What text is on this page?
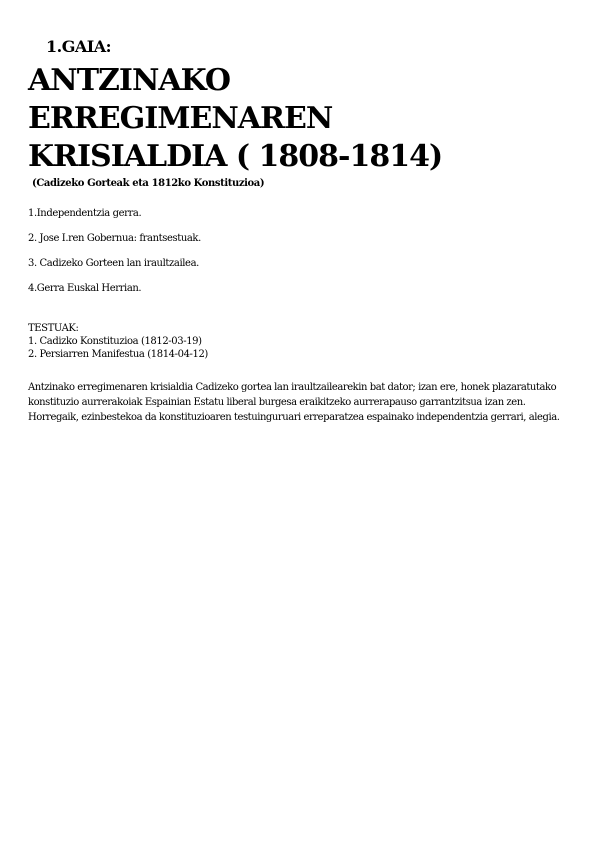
1.GAIA:
ANTZINAKO
ERREGIMENAREN
KRISIALDIA ( 1808-1814)
(Cadizeko Gorteak eta 1812ko Konstituzioa)
1.Independentzia gerra.
2. Jose I.ren Gobernua: frantsestuak.
3. Cadizeko Gorteen lan iraultzailea.
4.Gerra Euskal Herrian.
TESTUAK:
1. Cadizko Konstituzioa (1812-03-19)
2. Persiarren Manifestua (1814-04-12)

Antzinako erregimenaren krisialdia Cadizeko gortea lan iraultzailearekin bat dator; izan ere, honek plazaratutako konstituzio aurrerakoiak Espainian Estatu liberal burgesa eraikitzeko aurrerapauso garrantzitsua izan zen. Horregaik, ezinbestekoa da konstituzioaren testuinguruari erreparatzea espainako independentzia gerrari, alegia.
